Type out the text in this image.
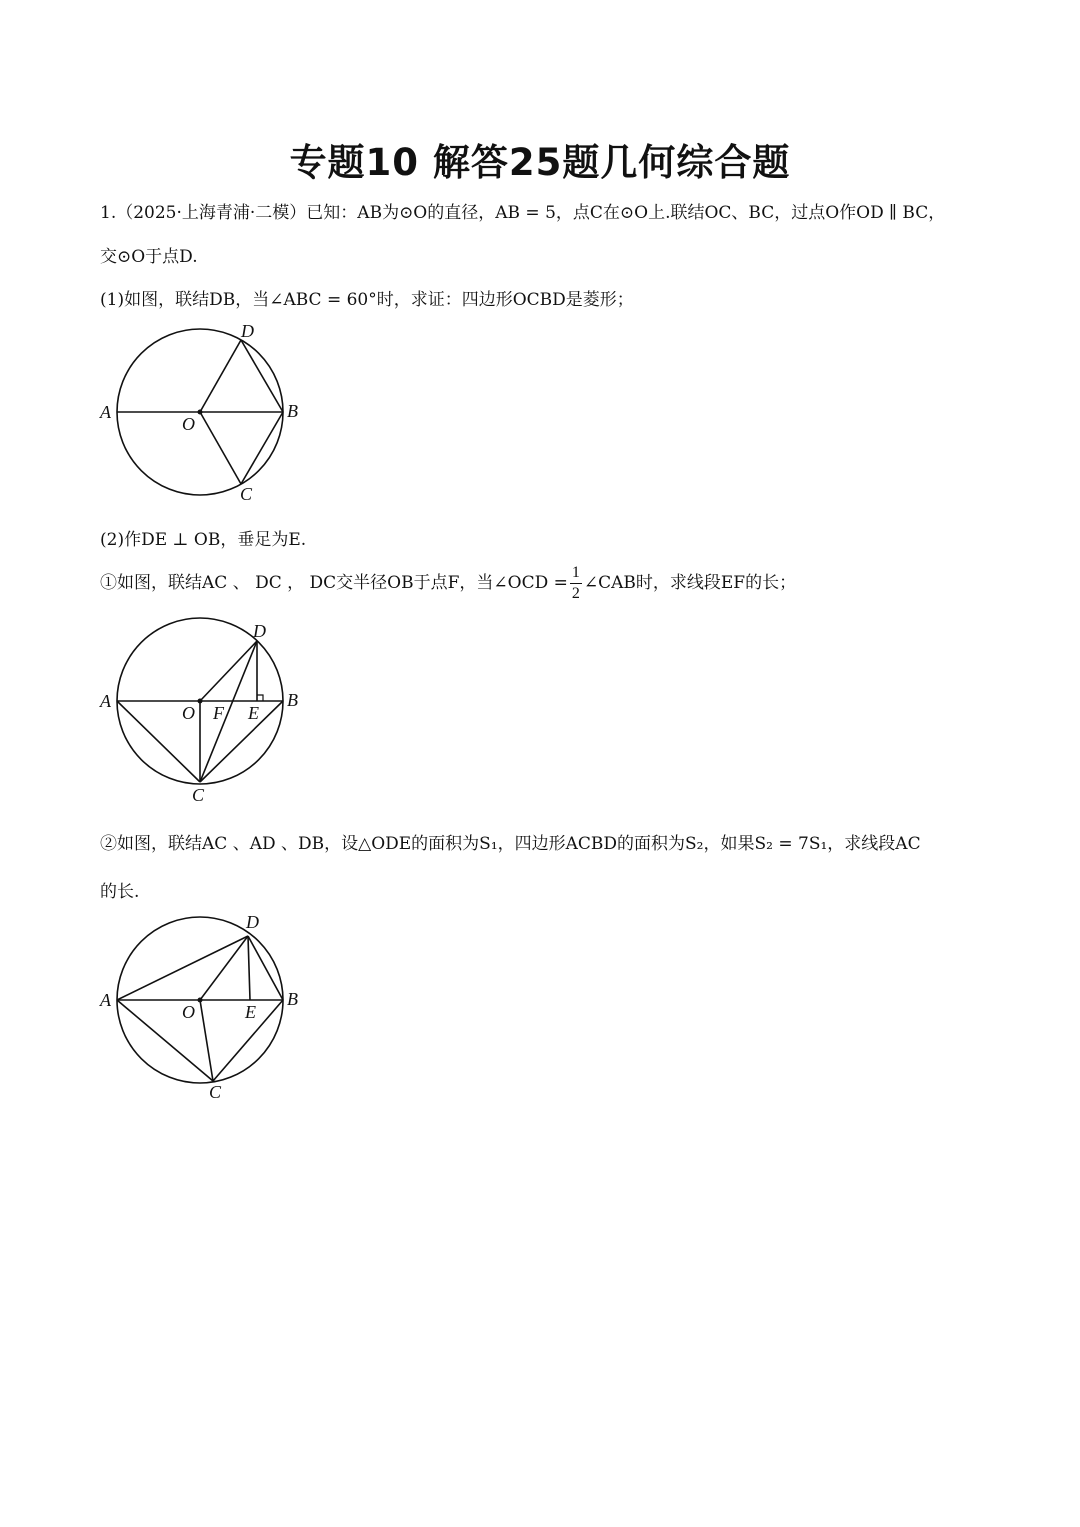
专题10 解答25题几何综合题
1.（2025·上海青浦·二模）已知：AB为⊙O的直径，AB = 5，点C在⊙O上.联结OC、BC，过点O作OD ∥ BC，
交⊙O于点D.
(1)如图，联结DB，当∠ABC = 60°时，求证：四边形OCBD是菱形；
A	B
O
C
D
(2)作DE ⊥ OB，垂足为E.
①如图，联结AC 、 DC ， DC交半径OB于点F，当∠OCD = $\frac{1}{2}$ ∠CAB时，求线段EF的长；
A	B
O F E
C
D
②如图，联结AC 、AD 、DB，设△ODE的面积为S₁，四边形ACBD的面积为S₂，如果S₂ = 7S₁，求线段AC
的长.
A	B
O	E
C
D
